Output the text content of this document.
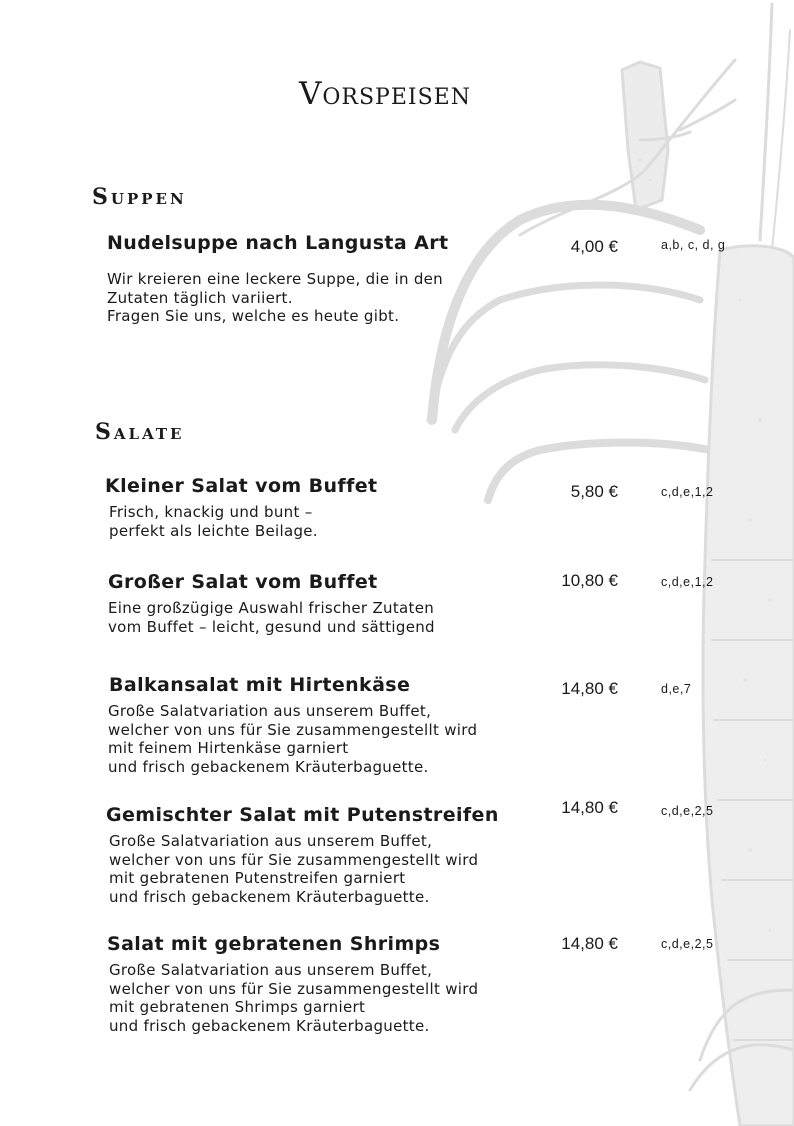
Vorspeisen
Suppen
Nudelsuppe nach Langusta Art	4,00 €	a,b, c, d, g
Wir kreieren eine leckere Suppe, die in den
Zutaten täglich variiert.
Fragen Sie uns, welche es heute gibt.
Salate
Kleiner Salat vom Buffet	5,80 €	c,d,e,1,2
Frisch, knackig und bunt –
perfekt als leichte Beilage.
Großer Salat vom Buffet	10,80 €	c,d,e,1,2
Eine großzügige Auswahl frischer Zutaten
vom Buffet – leicht, gesund und sättigend
Balkansalat mit Hirtenkäse	14,80 €	d,e,7
Große Salatvariation aus unserem Buffet,
welcher von uns für Sie zusammengestellt wird
mit feinem Hirtenkäse garniert
und frisch gebackenem Kräuterbaguette.
Gemischter Salat mit Putenstreifen	14,80 €	c,d,e,2,5
Große Salatvariation aus unserem Buffet,
welcher von uns für Sie zusammengestellt wird
mit gebratenen Putenstreifen garniert
und frisch gebackenem Kräuterbaguette.
Salat mit gebratenen Shrimps	14,80 €	c,d,e,2,5
Große Salatvariation aus unserem Buffet,
welcher von uns für Sie zusammengestellt wird
mit gebratenen Shrimps garniert
und frisch gebackenem Kräuterbaguette.
